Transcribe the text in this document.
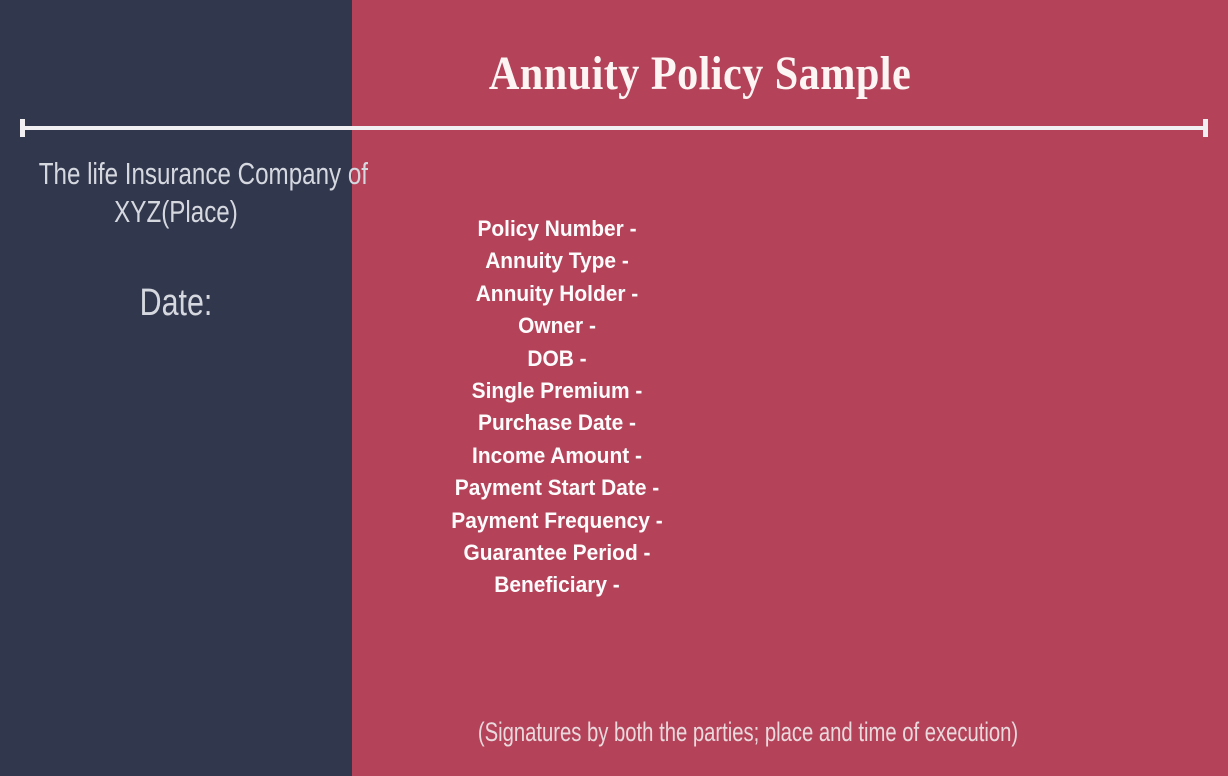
Annuity Policy Sample
The life Insurance Company of
XYZ(Place)
Date:
Policy Number -
Annuity Type -
Annuity Holder -
Owner -
DOB -
Single Premium -
Purchase Date -
Income Amount -
Payment Start Date -
Payment Frequency -
Guarantee Period -
Beneficiary -
(Signatures by both the parties; place and time of execution)
